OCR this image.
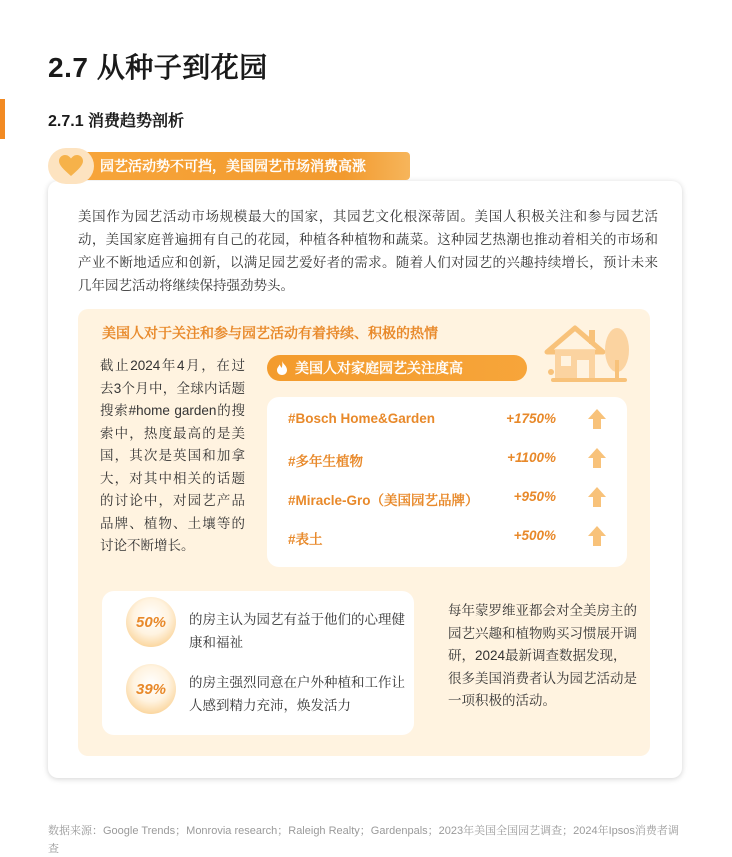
2.7 从种子到花园
2.7.1 消费趋势剖析
园艺活动势不可挡，美国园艺市场消费高涨
美国作为园艺活动市场规模最大的国家，其园艺文化根深蒂固。美国人积极关注和参与园艺活动，美国家庭普遍拥有自己的花园，种植各种植物和蔬菜。这种园艺热潮也推动着相关的市场和产业不断地适应和创新，以满足园艺爱好者的需求。随着人们对园艺的兴趣持续增长，预计未来几年园艺活动将继续保持强劲势头。
美国人对于关注和参与园艺活动有着持续、积极的热情
截止2024年4月，在过去3个月中，全球内话题搜索#home garden的搜索中，热度最高的是美国，其次是英国和加拿大，对其中相关的话题的讨论中，对园艺产品品牌、植物、土壤等的讨论不断增长。
美国人对家庭园艺关注度高
#Bosch Home&Garden	+1750%
#多年生植物	+1100%
#Miracle-Gro（美国园艺品牌）	+950%
#表土	+500%
50%	的房主认为园艺有益于他们的心理健康和福祉
39%	的房主强烈同意在户外种植和工作让人感到精力充沛，焕发活力
每年蒙罗维亚都会对全美房主的园艺兴趣和植物购买习惯展开调研，2024最新调查数据发现，很多美国消费者认为园艺活动是一项积极的活动。
数据来源：Google Trends；Monrovia research；Raleigh Realty；Gardenpals；2023年美国全国园艺调查；2024年Ipsos消费者调查
